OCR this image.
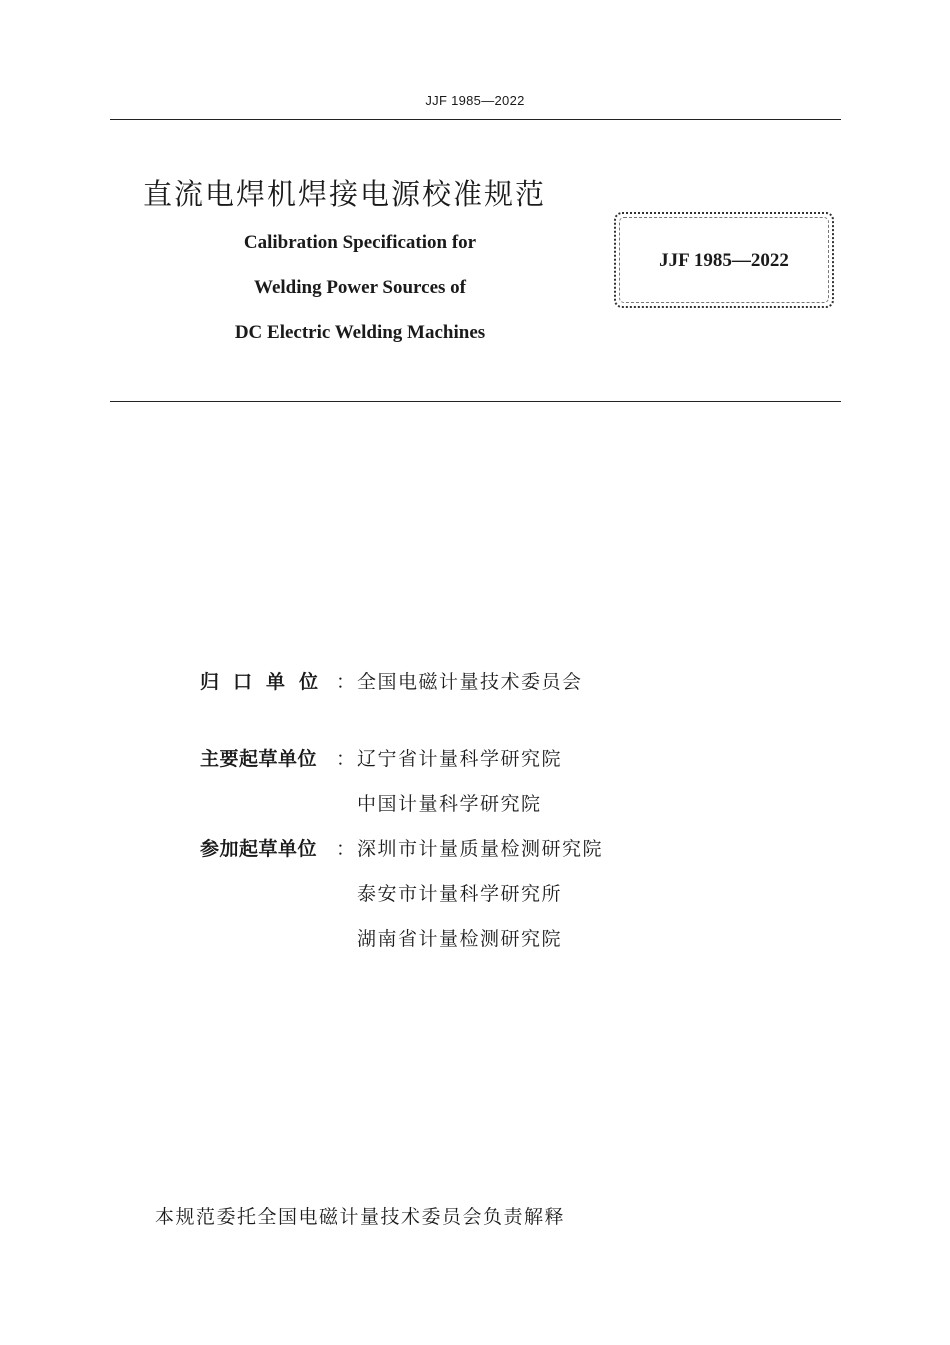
JJF 1985—2022
直流电焊机焊接电源校准规范
Calibration Specification for
Welding Power Sources of
DC Electric Welding Machines
JJF 1985—2022
归口单位 ： 全国电磁计量技术委员会
主要起草单位 ： 辽宁省计量科学研究院
中国计量科学研究院
参加起草单位 ： 深圳市计量质量检测研究院
泰安市计量科学研究所
湖南省计量检测研究院
本规范委托全国电磁计量技术委员会负责解释
